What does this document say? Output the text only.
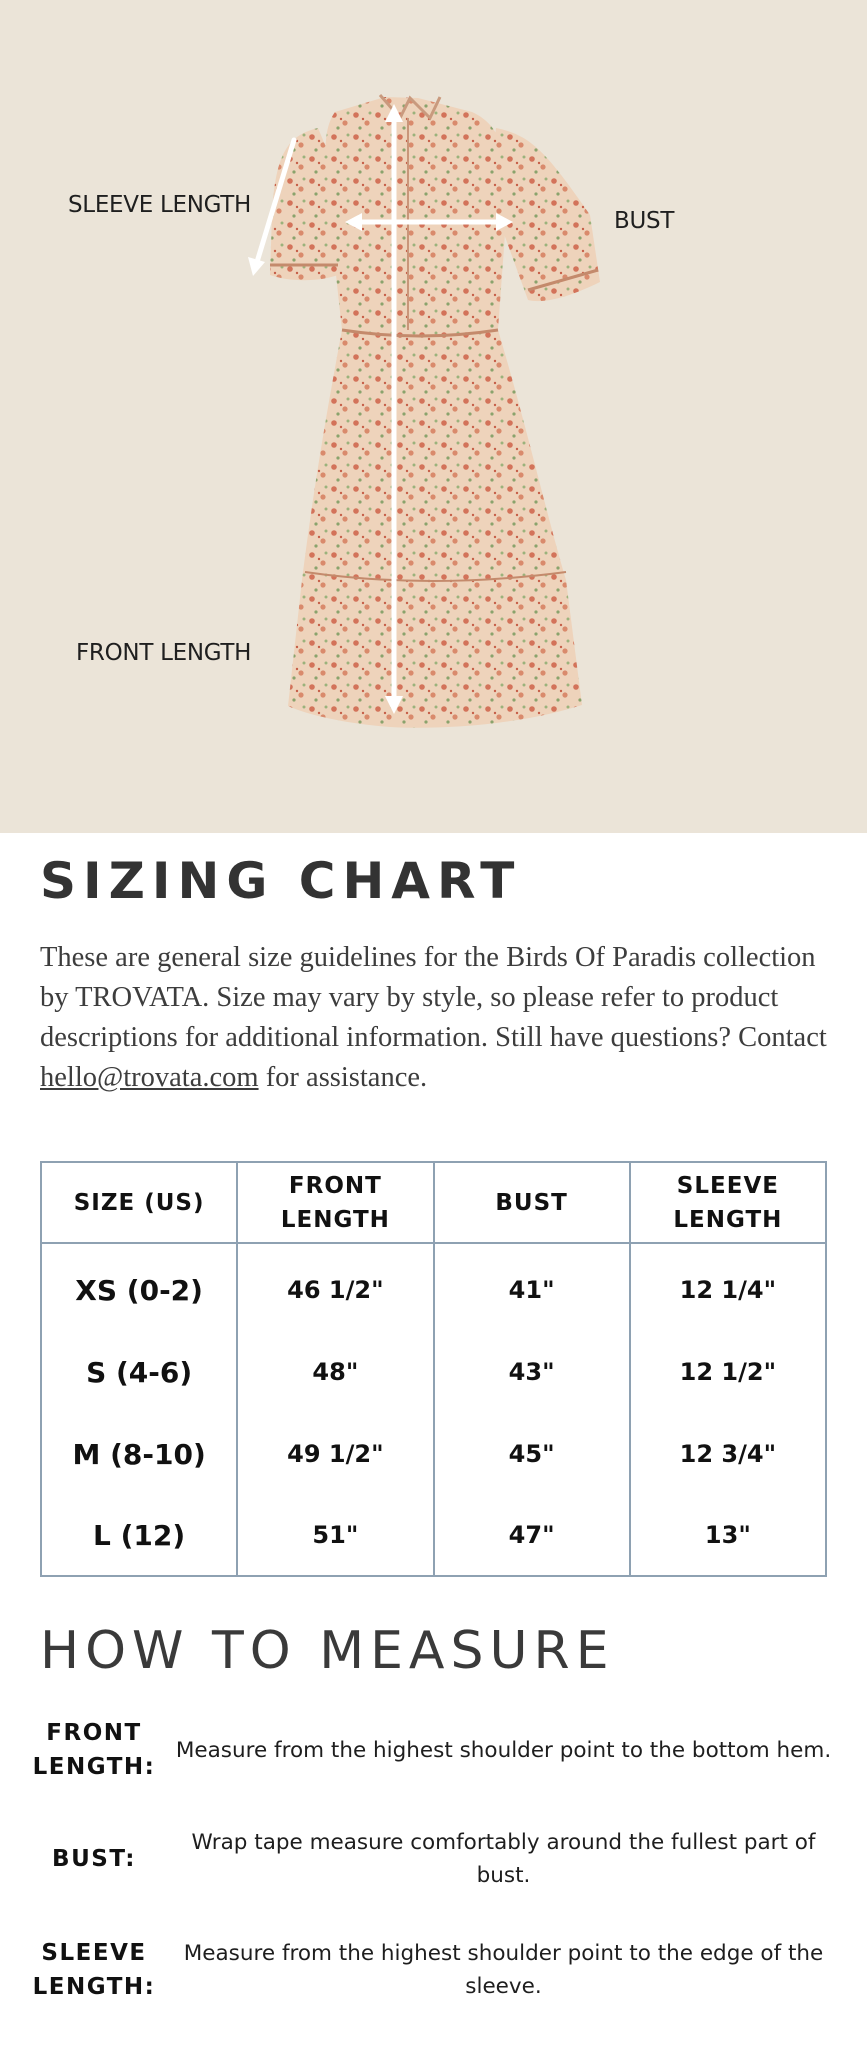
SLEEVE LENGTH
BUST
FRONT LENGTH
SIZING CHART

These are general size guidelines for the Birds Of Paradis collection by TROVATA. Size may vary by style, so please refer to product descriptions for additional information. Still have questions? Contact hello@trovata.com for assistance.

SIZE (US)	FRONT LENGTH	BUST	SLEEVE LENGTH
XS (0-2)	46 1/2"	41"	12 1/4"
S (4-6)	48"	43"	12 1/2"
M (8-10)	49 1/2"	45"	12 3/4"
L (12)	51"	47"	13"
HOW TO MEASURE
FRONT LENGTH:
Measure from the highest shoulder point to the bottom hem.
BUST:
Wrap tape measure comfortably around the fullest part of bust.
SLEEVE LENGTH:
Measure from the highest shoulder point to the edge of the sleeve.
